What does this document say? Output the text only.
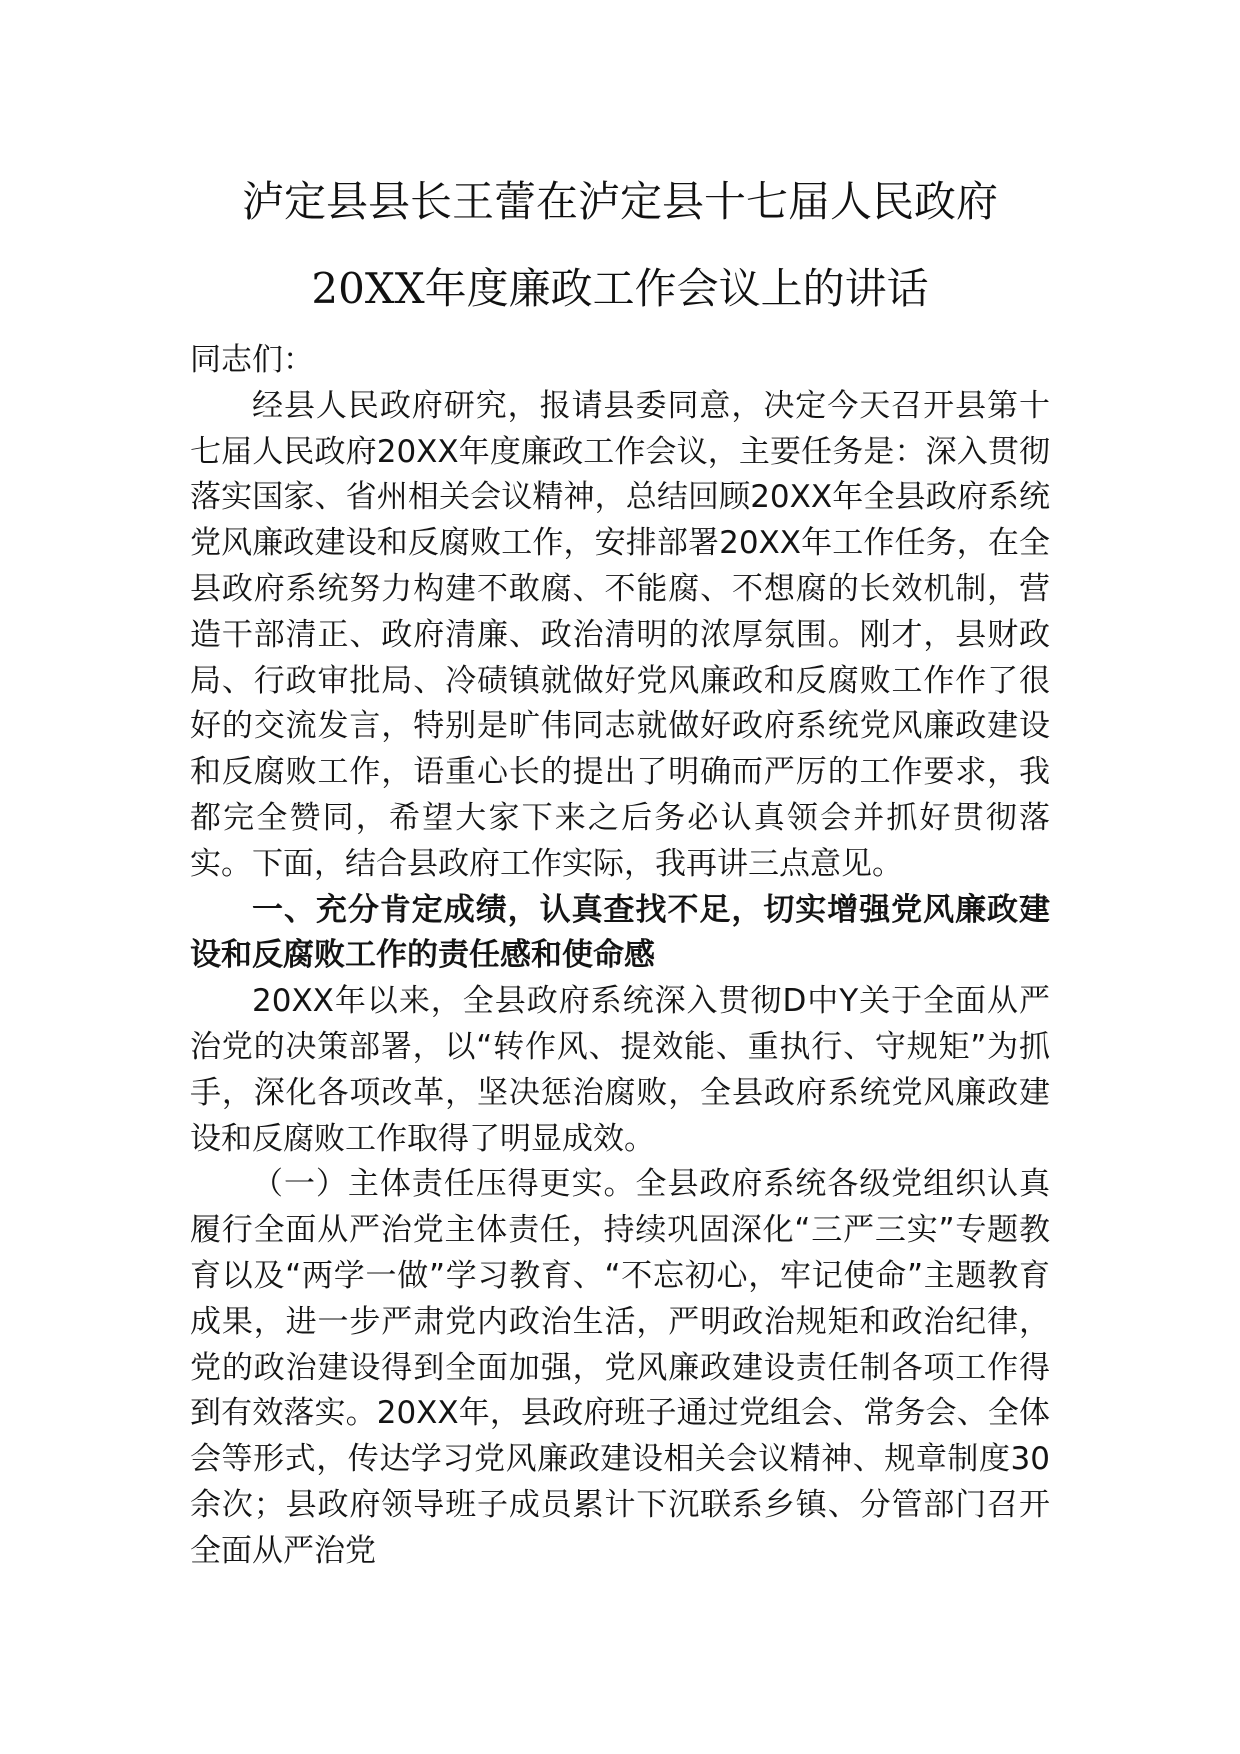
泸定县县长王蕾在泸定县十七届人民政府
20XX年度廉政工作会议上的讲话

同志们：

经县人民政府研究，报请县委同意，决定今天召开县第十七届人民政府20XX年度廉政工作会议，主要任务是：深入贯彻落实国家、省州相关会议精神，总结回顾20XX年全县政府系统党风廉政建设和反腐败工作，安排部署20XX年工作任务，在全县政府系统努力构建不敢腐、不能腐、不想腐的长效机制，营造干部清正、政府清廉、政治清明的浓厚氛围。刚才，县财政局、行政审批局、冷碛镇就做好党风廉政和反腐败工作作了很好的交流发言，特别是旷伟同志就做好政府系统党风廉政建设和反腐败工作，语重心长的提出了明确而严厉的工作要求，我都完全赞同，希望大家下来之后务必认真领会并抓好贯彻落实。下面，结合县政府工作实际，我再讲三点意见。

一、充分肯定成绩，认真查找不足，切实增强党风廉政建设和反腐败工作的责任感和使命感

20XX年以来，全县政府系统深入贯彻D中Y关于全面从严治党的决策部署，以“转作风、提效能、重执行、守规矩”为抓手，深化各项改革，坚决惩治腐败，全县政府系统党风廉政建设和反腐败工作取得了明显成效。

（一）主体责任压得更实。全县政府系统各级党组织认真履行全面从严治党主体责任，持续巩固深化“三严三实”专题教育以及“两学一做”学习教育、“不忘初心，牢记使命”主题教育成果，进一步严肃党内政治生活，严明政治规矩和政治纪律，党的政治建设得到全面加强，党风廉政建设责任制各项工作得到有效落实。20XX年，县政府班子通过党组会、常务会、全体会等形式，传达学习党风廉政建设相关会议精神、规章制度30余次；县政府领导班子成员累计下沉联系乡镇、分管部门召开全面从严治党
